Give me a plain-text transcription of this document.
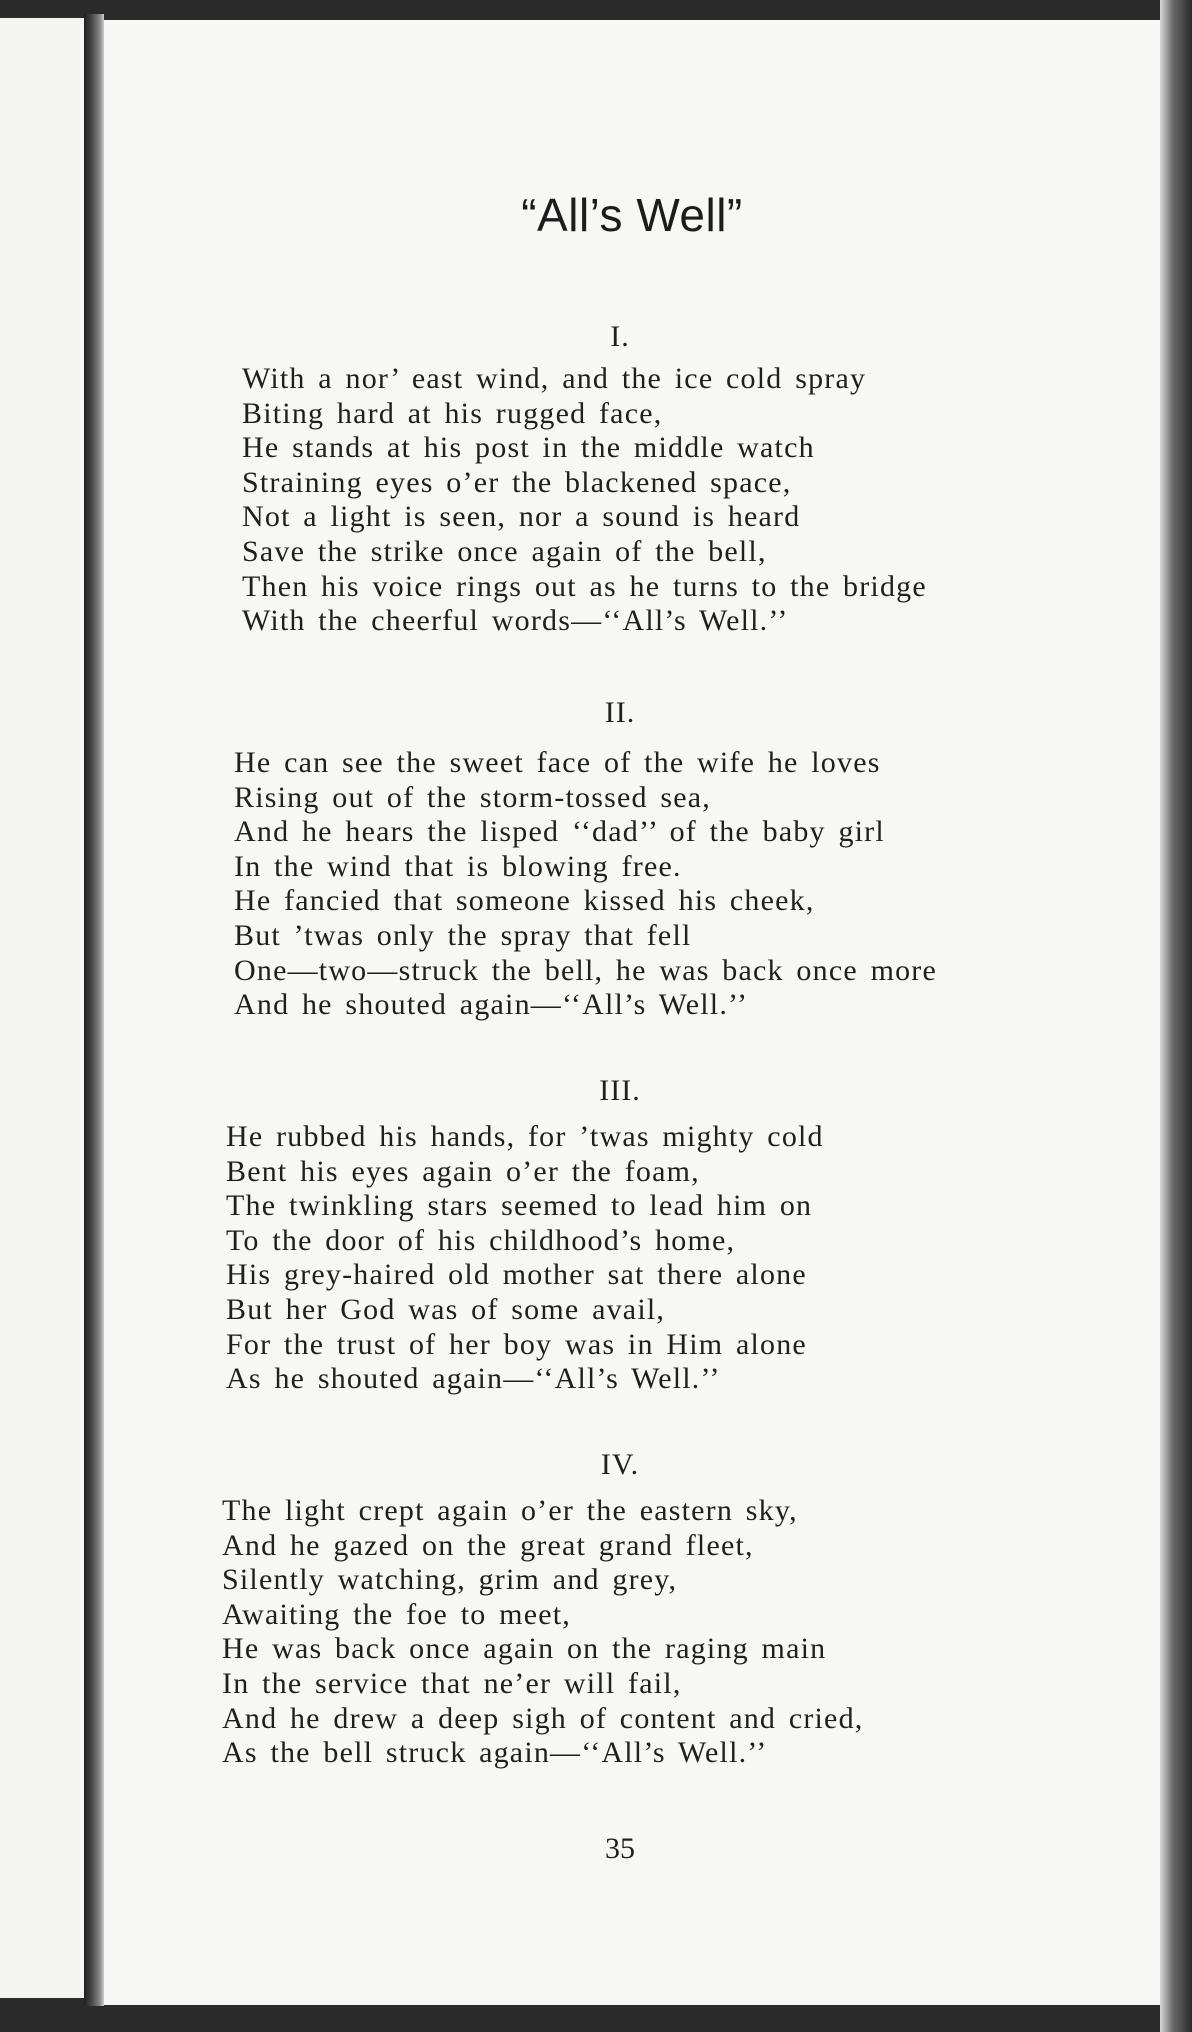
“All’s Well”
I.
With a nor’ east wind, and the ice cold spray
Biting hard at his rugged face,
He stands at his post in the middle watch
Straining eyes o’er the blackened space,
Not a light is seen, nor a sound is heard
Save the strike once again of the bell,
Then his voice rings out as he turns to the bridge
With the cheerful words—‘‘All’s Well.’’
II.
He can see the sweet face of the wife he loves
Rising out of the storm-tossed sea,
And he hears the lisped ‘‘dad’’ of the baby girl
In the wind that is blowing free.
He fancied that someone kissed his cheek,
But ’twas only the spray that fell
One—two—struck the bell, he was back once more
And he shouted again—‘‘All’s Well.’’
III.
He rubbed his hands, for ’twas mighty cold
Bent his eyes again o’er the foam,
The twinkling stars seemed to lead him on
To the door of his childhood’s home,
His grey-haired old mother sat there alone
But her God was of some avail,
For the trust of her boy was in Him alone
As he shouted again—‘‘All’s Well.’’
IV.
The light crept again o’er the eastern sky,
And he gazed on the great grand fleet,
Silently watching, grim and grey,
Awaiting the foe to meet,
He was back once again on the raging main
In the service that ne’er will fail,
And he drew a deep sigh of content and cried,
As the bell struck again—‘‘All’s Well.’’
35
